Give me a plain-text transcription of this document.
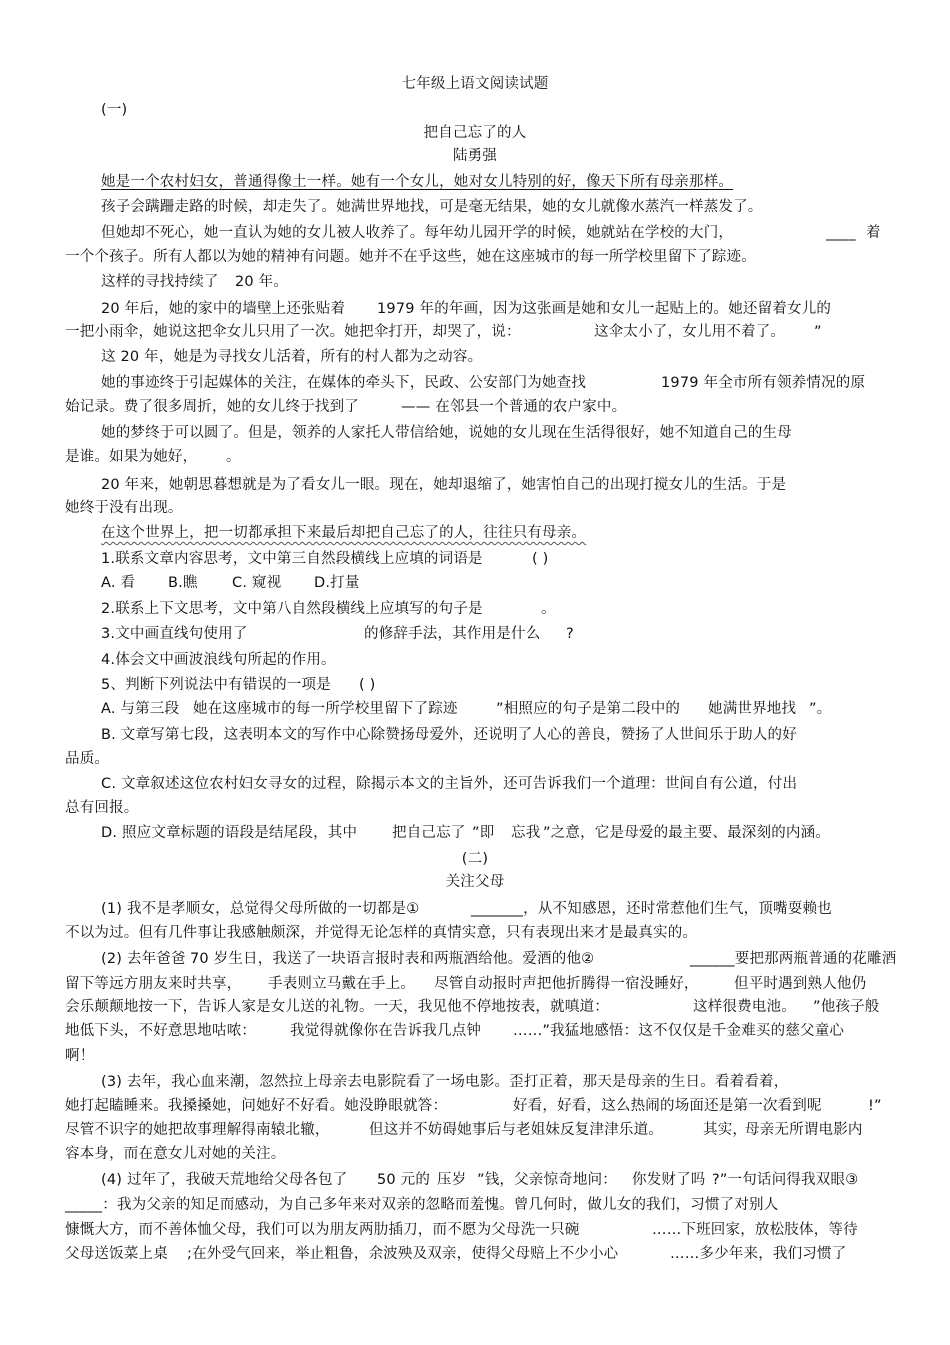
七年级上语文阅读试题
(一)
把自己忘了的人
陆勇强
她是一个农村妇女，普通得像土一样。她有一个女儿，她对女儿特别的好，像天下所有母亲那样。
孩子会蹒跚走路的时候，却走失了。她满世界地找，可是毫无结果，她的女儿就像水蒸汽一样蒸发了。
但她却不死心，她一直认为她的女儿被人收养了。每年幼儿园开学的时候，她就站在学校的大门，	____ 着
一个个孩子。所有人都以为她的精神有问题。她并不在乎这些，她在这座城市的每一所学校里留下了踪迹。
这样的寻找持续了 20 年。
20 年后，她的家中的墙壁上还张贴着 1979 年的年画，因为这张画是她和女儿一起贴上的。她还留着女儿的
一把小雨伞，她说这把伞女儿只用了一次。她把伞打开，却哭了，说：	这伞太小了，女儿用不着了。 ”
这 20 年，她是为寻找女儿活着，所有的村人都为之动容。
她的事迹终于引起媒体的关注，在媒体的牵头下，民政、公安部门为她查找	1979 年全市所有领养情况的原
始记录。费了很多周折，她的女儿终于找到了	—— 在邻县一个普通的农户家中。
她的梦终于可以圆了。但是，领养的人家托人带信给她，说她的女儿现在生活得很好，她不知道自己的生母
是谁。如果为她好， 。
20 年来，她朝思暮想就是为了看女儿一眼。现在，她却退缩了，她害怕自己的出现打搅女儿的生活。于是
她终于没有出现。
在这个世界上，把一切都承担下来最后却把自己忘了的人，往往只有母亲。
1.联系文章内容思考，文中第三自然段横线上应填的词语是	( )
A. 看 B.瞧 C. 窥视 D.打量
2.联系上下文思考，文中第八自然段横线上应填写的句子是	。
3.文中画直线句使用了	的修辞手法，其作用是什么 ?
4.体会文中画波浪线句所起的作用。
5、判断下列说法中有错误的一项是 ( )
A. 与第三段 她在这座城市的每一所学校里留下了踪迹	”相照应的句子是第二段中的 她满世界地找 ”。
B. 文章写第七段，这表明本文的写作中心除赞扬母爱外，还说明了人心的善良，赞扬了人世间乐于助人的好
品质。
C. 文章叙述这位农村妇女寻女的过程，除揭示本文的主旨外，还可告诉我们一个道理：世间自有公道，付出
总有回报。
D. 照应文章标题的语段是结尾段，其中 把自己忘了 ”即 忘我 ”之意，它是母爱的最主要、最深刻的内涵。
(二)
关注父母
(1) 我不是孝顺女，总觉得父母所做的一切都是①	_______，从不知感恩，还时常惹他们生气，顶嘴耍赖也
不以为过。但有几件事让我感触颇深，并觉得无论怎样的真情实意，只有表现出来才是最真实的。
(2) 去年爸爸 70 岁生日，我送了一块语言报时表和两瓶酒给他。爱酒的他②	______要把那两瓶普通的花雕酒
留下等远方朋友来时共享， 手表则立马戴在手上。 尽管自动报时声把他折腾得一宿没睡好， 但平时遇到熟人他仍
会乐颠颠地按一下，告诉人家是女儿送的礼物。一天，我见他不停地按表，就嗔道：	这样很费电池。 ”他孩子般
地低下头，不好意思地咕哝： 我觉得就像你在告诉我几点钟 ……”我猛地感悟：这不仅仅是千金难买的慈父童心
啊！
(3) 去年，我心血来潮，忽然拉上母亲去电影院看了一场电影。歪打正着，那天是母亲的生日。看着看着，
她打起瞌睡来。我搡搡她，问她好不好看。她没睁眼就答：	好看，好看，这么热闹的场面还是第一次看到呢	!”
尽管不识字的她把故事理解得南辕北辙，	但这并不妨碍她事后与老姐妹反复津津乐道。	其实，
母亲无所谓电影内
容本身，而在意女儿对她的关注。
(4) 过年了，我破天荒地给父母各包了 50 元的 压岁 ”钱，父亲惊奇地问： 你发财了吗 ?”一句话问得我双眼③
_____：我为父亲的知足而感动，为自己多年来对双亲的忽略而羞愧。曾几何时，做儿女的我们，习惯了对别人
慷慨大方，而不善体恤父母，我们可以为朋友两肋插刀，而不愿为父母洗一只碗	……下班回家，放松肢体，等待
父母送饭菜上桌 ;在外受气回来，举止粗鲁，余波殃及双亲，使得父母赔上不少小心	……多少年来，我们习惯了
